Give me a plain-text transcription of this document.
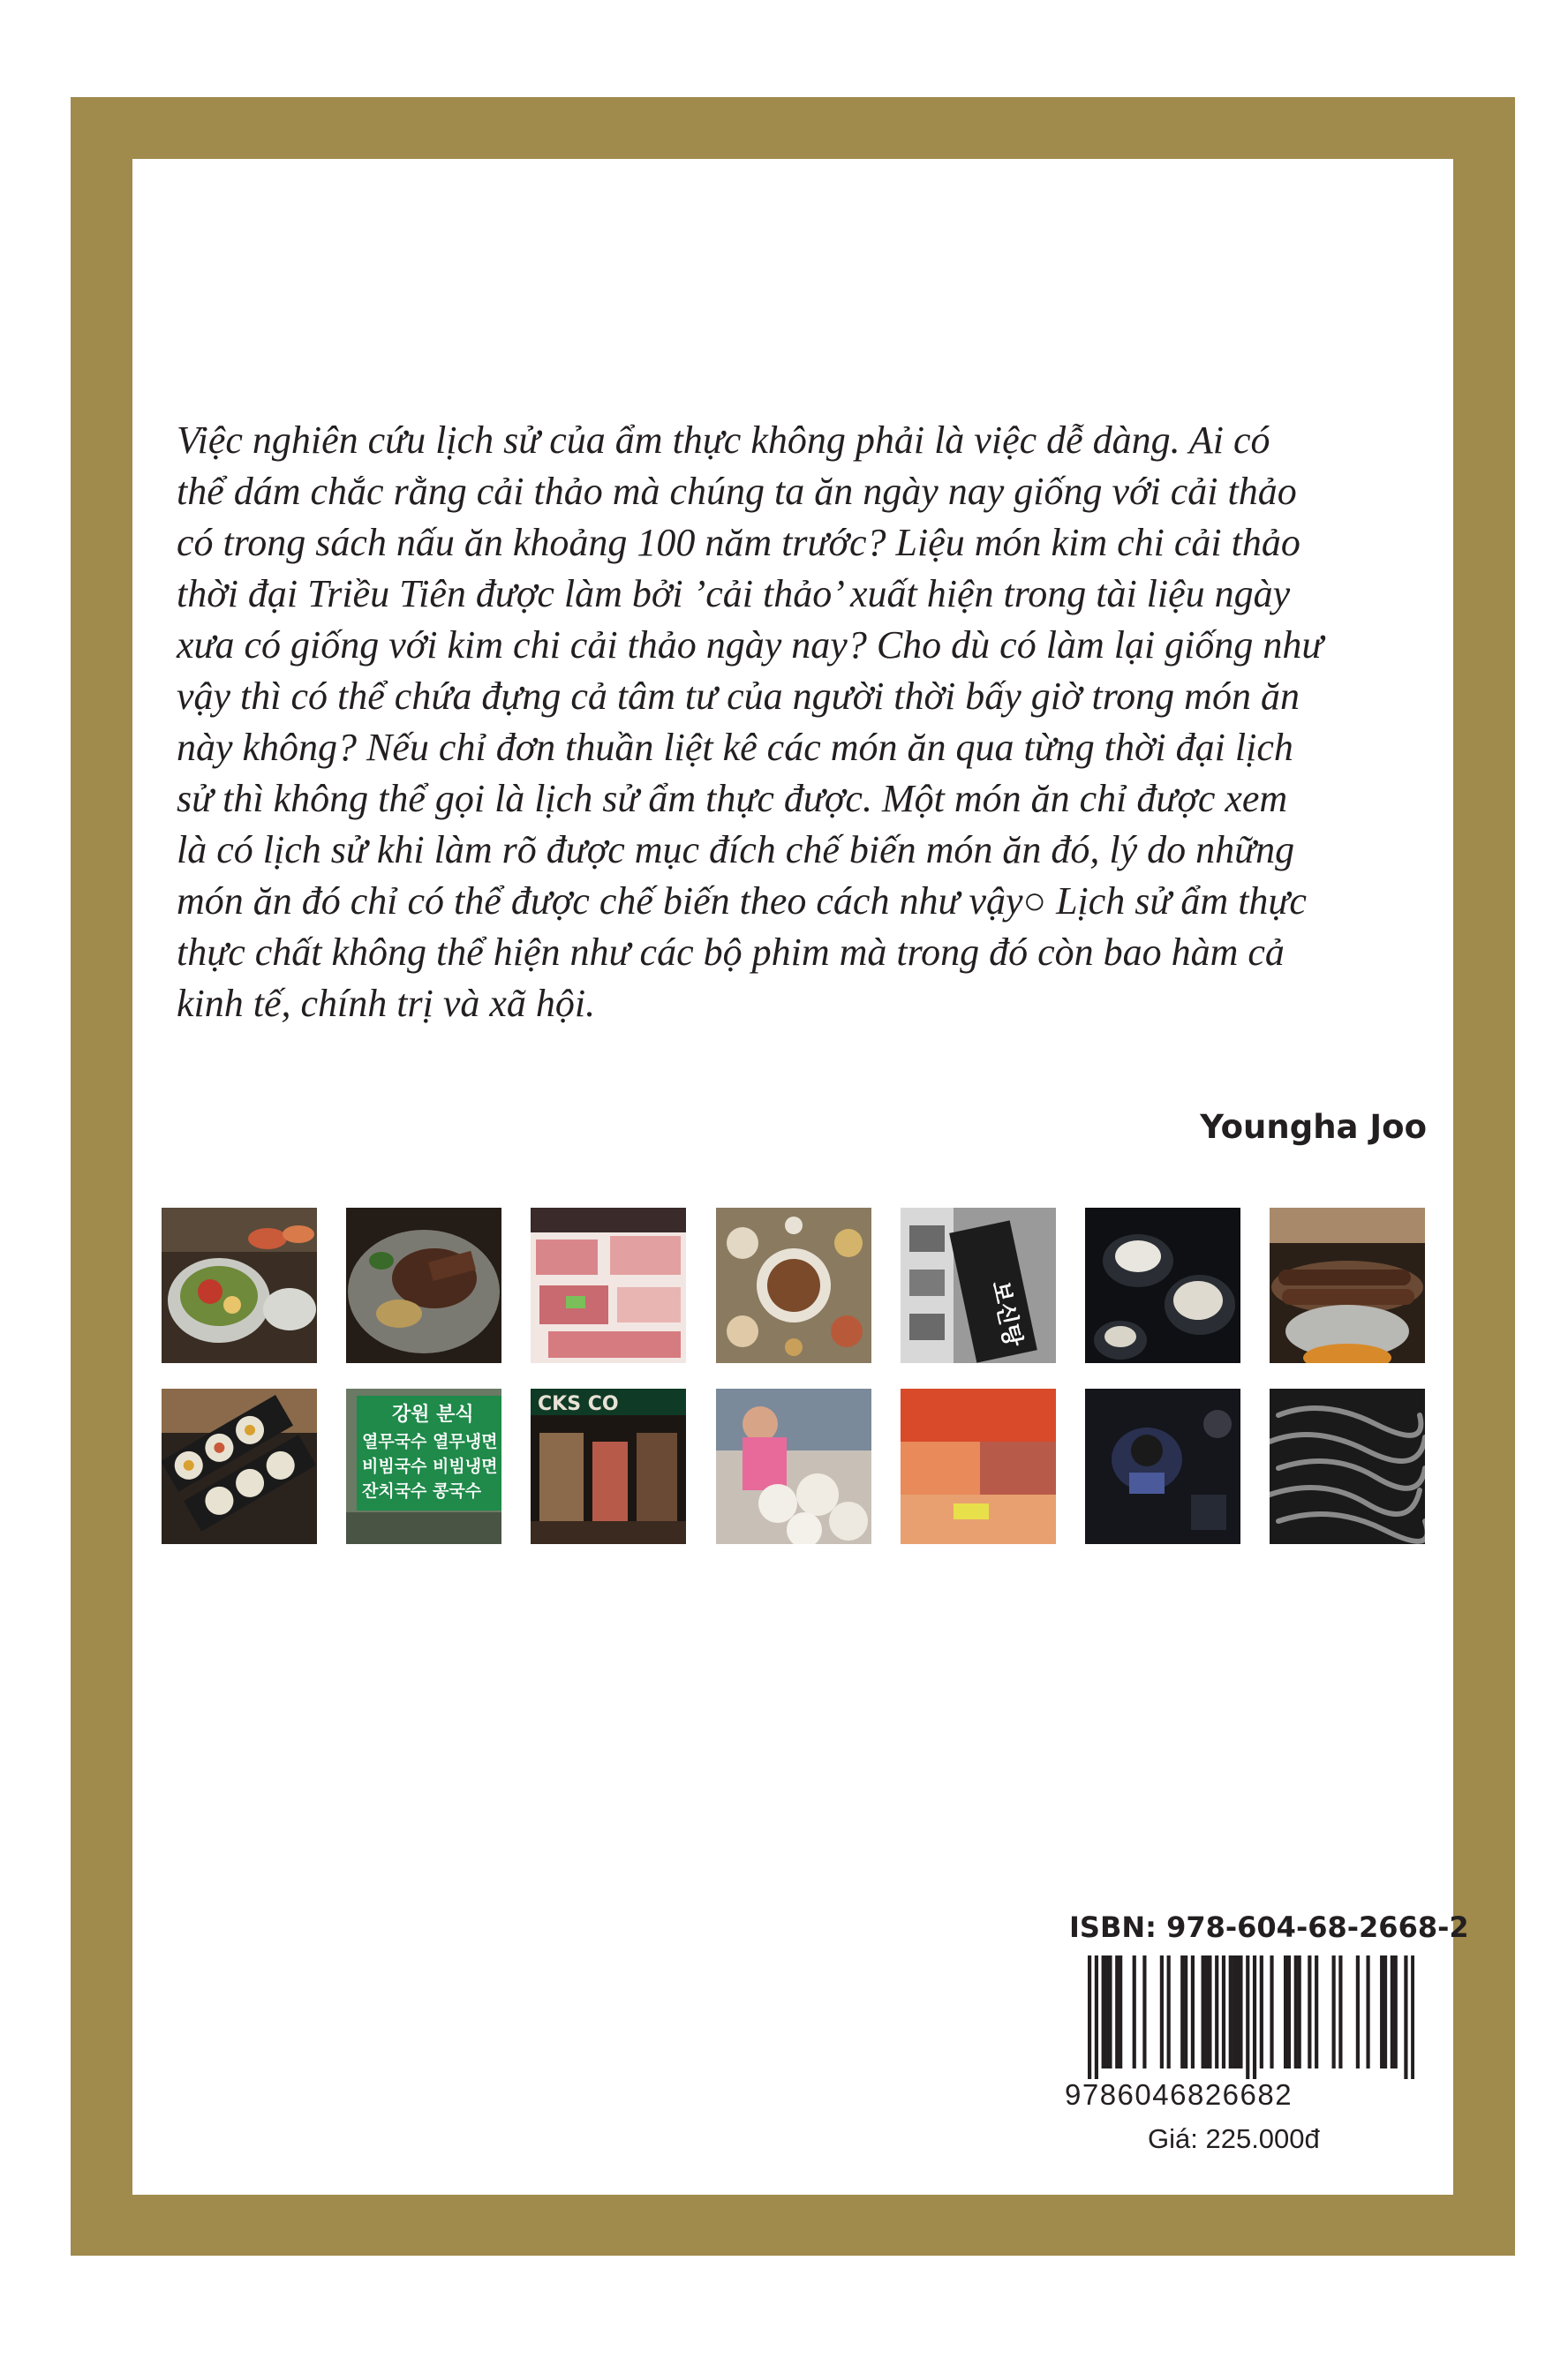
Việc nghiên cứu lịch sử của ẩm thực không phải là việc dễ dàng. Ai có
thể dám chắc rằng cải thảo mà chúng ta ăn ngày nay giống với cải thảo
có trong sách nấu ăn khoảng 100 năm trước? Liệu món kim chi cải thảo
thời đại Triều Tiên được làm bởi ’cải thảo’ xuất hiện trong tài liệu ngày
xưa có giống với kim chi cải thảo ngày nay? Cho dù có làm lại giống như
vậy thì có thể chứa đựng cả tâm tư của người thời bấy giờ trong món ăn
này không? Nếu chỉ đơn thuần liệt kê các món ăn qua từng thời đại lịch
sử thì không thể gọi là lịch sử ẩm thực được. Một món ăn chỉ được xem
là có lịch sử khi làm rõ được mục đích chế biến món ăn đó, lý do những
món ăn đó chỉ có thể được chế biến theo cách như vậy○ Lịch sử ẩm thực
thực chất không thể hiện như các bộ phim mà trong đó còn bao hàm cả
kinh tế, chính trị và xã hội.

Youngha Joo

보신탕
강원 분식
열무국수 열무냉면
비빔국수 비빔냉면
잔치국수 콩국수
CKS CO

ISBN: 978-604-68-2668-2

9786046826682

Giá: 225.000đ
